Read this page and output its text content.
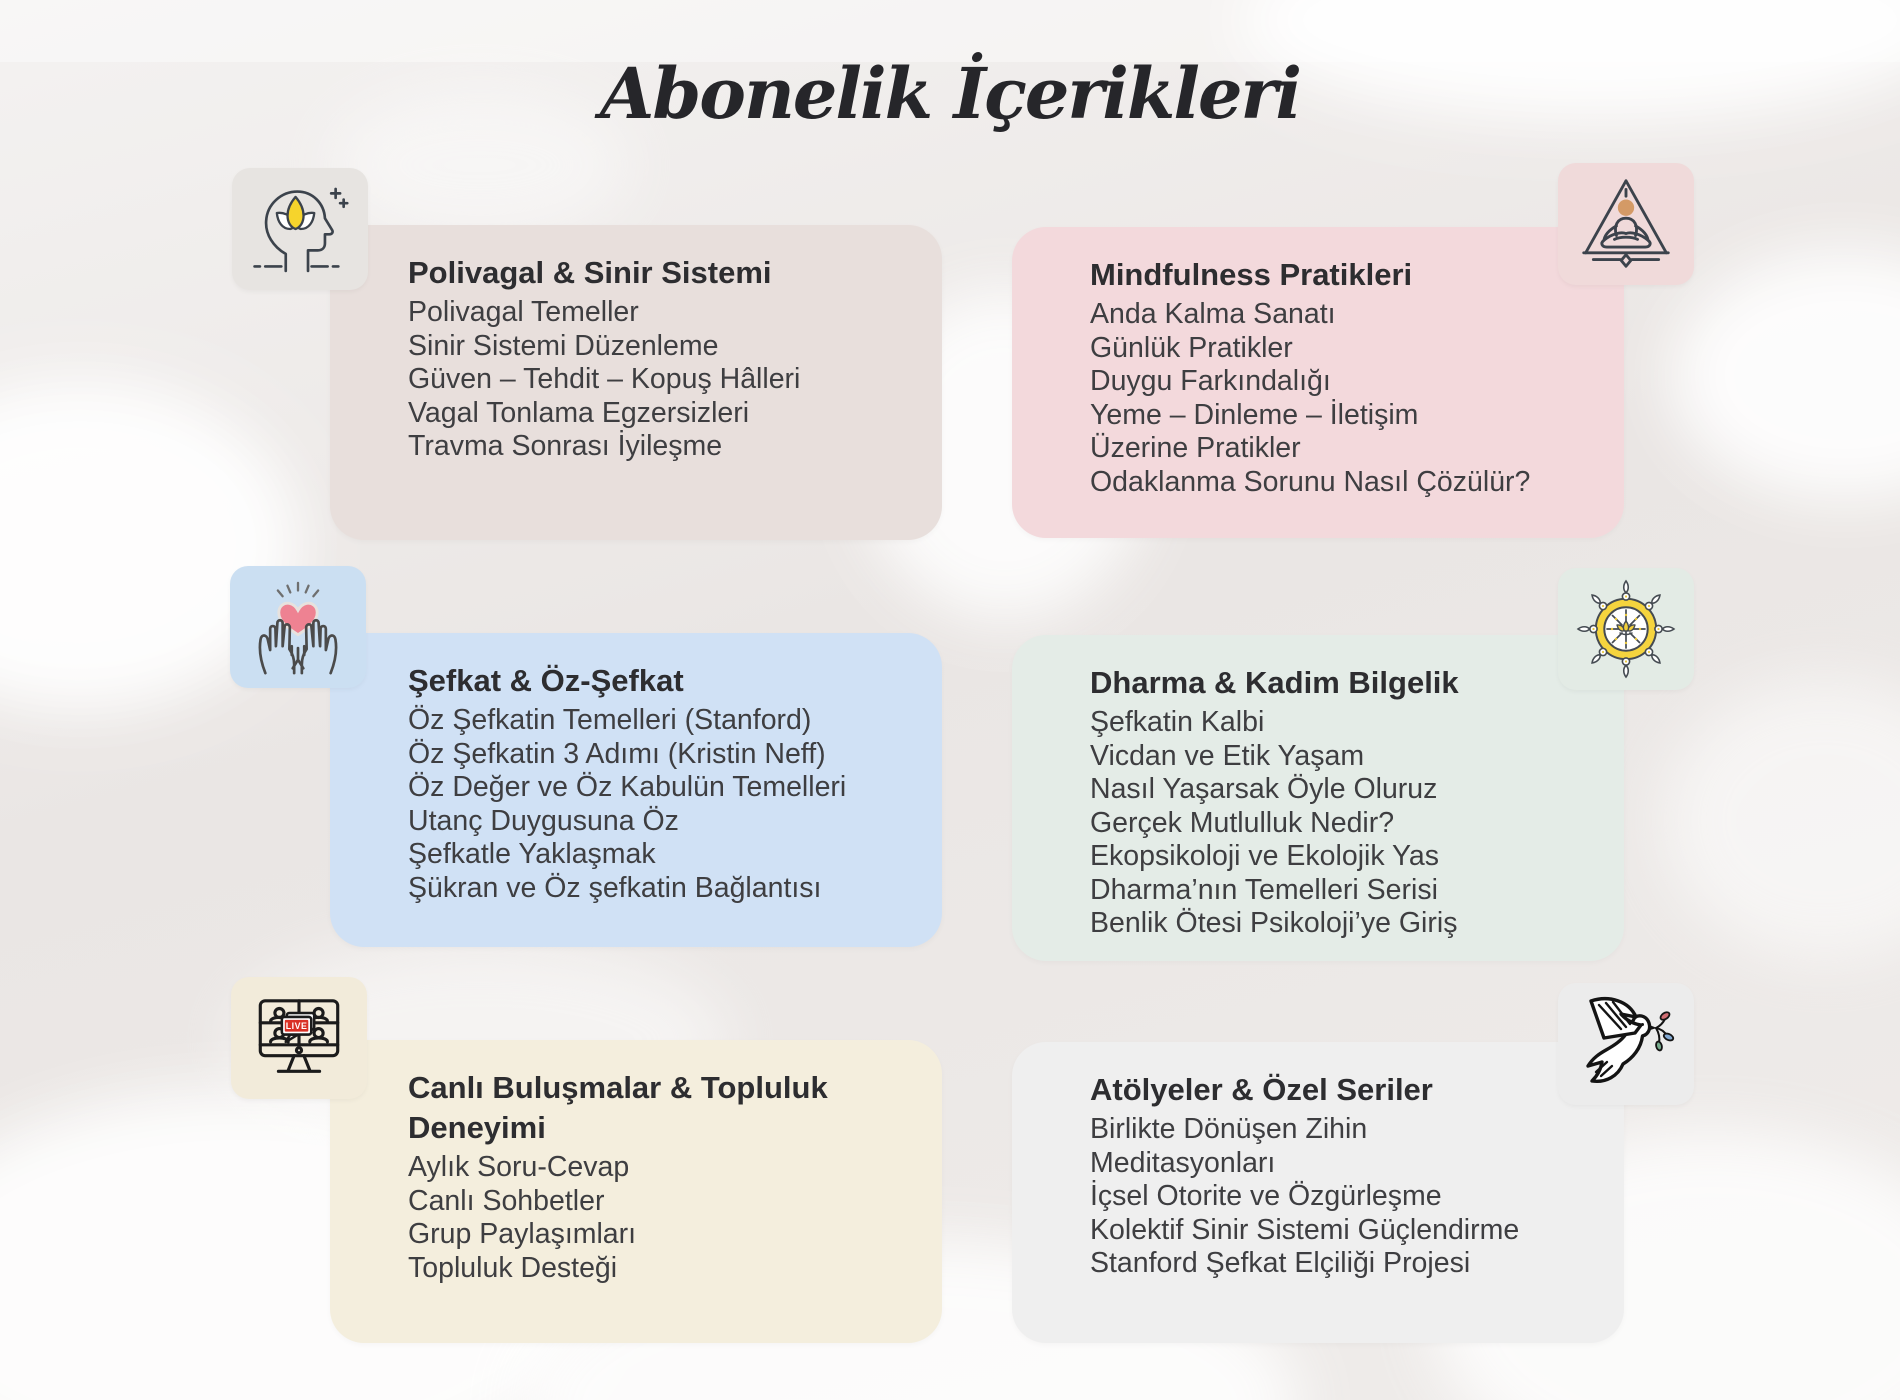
Abonelik İçerikleri
Polivagal & Sinir Sistemi
Polivagal Temeller
Sinir Sistemi Düzenleme
Güven – Tehdit – Kopuş Hâlleri
Vagal Tonlama Egzersizleri
Travma Sonrası İyileşme
Mindfulness Pratikleri
Anda Kalma Sanatı
Günlük Pratikler
Duygu Farkındalığı
Yeme – Dinleme – İletişim
Üzerine Pratikler
Odaklanma Sorunu Nasıl Çözülür?
Şefkat & Öz-Şefkat
Öz Şefkatin Temelleri (Stanford)
Öz Şefkatin 3 Adımı (Kristin Neff)
Öz Değer ve Öz Kabulün Temelleri
Utanç Duygusuna Öz
Şefkatle Yaklaşmak
Şükran ve Öz şefkatin Bağlantısı
Dharma & Kadim Bilgelik
Şefkatin Kalbi
Vicdan ve Etik Yaşam
Nasıl Yaşarsak Öyle Oluruz
Gerçek Mutlulluk Nedir?
Ekopsikoloji ve Ekolojik Yas
Dharma’nın Temelleri Serisi
Benlik Ötesi Psikoloji’ye Giriş
Canlı Buluşmalar & Topluluk Deneyimi
Aylık Soru-Cevap
Canlı Sohbetler
Grup Paylaşımları
Topluluk Desteği
LIVE
Atölyeler & Özel Seriler
Birlikte Dönüşen Zihin
Meditasyonları
İçsel Otorite ve Özgürleşme
Kolektif Sinir Sistemi Güçlendirme
Stanford Şefkat Elçiliği Projesi
